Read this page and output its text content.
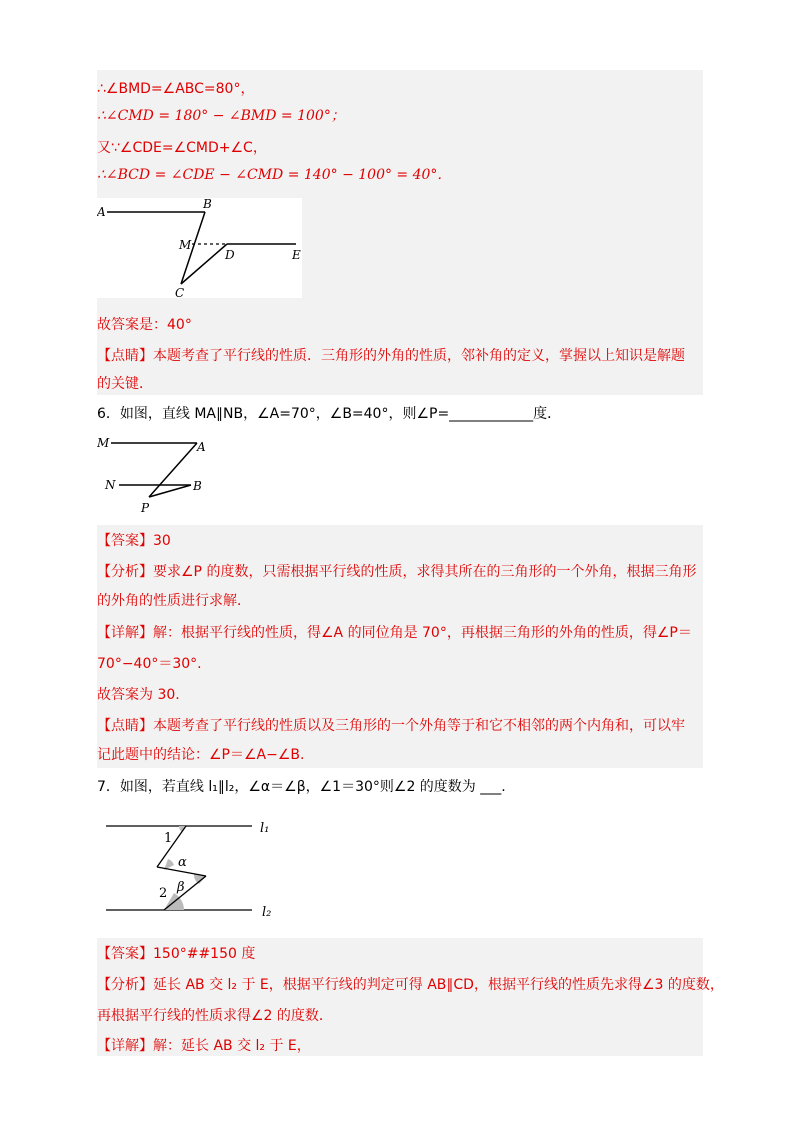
∴∠BMD=∠ABC=80°，
∴∠CMD = 180° − ∠BMD = 100°；
又∵∠CDE=∠CMD+∠C，
∴∠BCD = ∠CDE − ∠CMD = 140° − 100° = 40°．
A
B
M
D	E
C
故答案是：40°
【点睛】本题考查了平行线的性质．三角形的外角的性质，邻补角的定义，掌握以上知识是解题
的关键．
6．如图，直线 MA∥NB，∠A=70°，∠B=40°，则∠P=____________度．
M	A
N	B
P
【答案】30
【分析】要求∠P 的度数，只需根据平行线的性质，求得其所在的三角形的一个外角，根据三角形
的外角的性质进行求解．
【详解】解：根据平行线的性质，得∠A 的同位角是 70°，再根据三角形的外角的性质，得∠P＝
70°−40°＝30°.
故答案为 30.
【点睛】本题考查了平行线的性质以及三角形的一个外角等于和它不相邻的两个内角和，可以牢
记此题中的结论：∠P＝∠A−∠B.
7．如图，若直线 l₁∥l₂，∠α＝∠β，∠1＝30°则∠2 的度数为 ___.
1
α
β
2
l₁
l₂
【答案】150°##150 度
【分析】延长 AB 交 l₂ 于 E，根据平行线的判定可得 AB∥CD，根据平行线的性质先求得∠3 的度数，
再根据平行线的性质求得∠2 的度数．
【详解】解：延长 AB 交 l₂ 于 E，
